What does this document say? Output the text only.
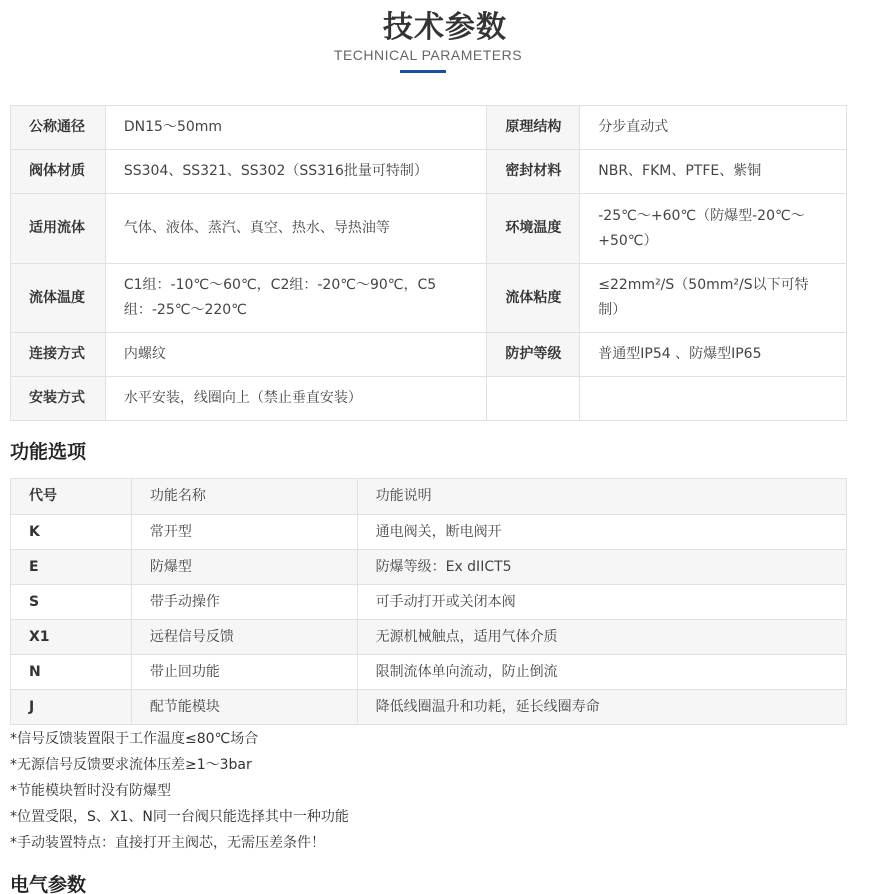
技术参数
TECHNICAL PARAMETERS
公称通径	DN15～50mm	原理结构	分步直动式
阀体材质	SS304、SS321、SS302（SS316批量可特制）	密封材料	NBR、FKM、PTFE、紫铜
适用流体	气体、液体、蒸汽、真空、热水、导热油等	环境温度	-25℃～+60℃（防爆型-20℃～+50℃）
流体温度	C1组：-10℃～60℃，C2组：-20℃～90℃，C5组：-25℃～220℃	流体粘度	≤22mm²/S（50mm²/S以下可特制）
连接方式	内螺纹	防护等级	普通型IP54 、防爆型IP65
安装方式	水平安装，线圈向上（禁止垂直安装）		
功能选项
代号	功能名称	功能说明
K	常开型	通电阀关，断电阀开
E	防爆型	防爆等级：Ex dIICT5
S	带手动操作	可手动打开或关闭本阀
X1	远程信号反馈	无源机械触点，适用气体介质
N	带止回功能	限制流体单向流动，防止倒流
J	配节能模块	降低线圈温升和功耗，延长线圈寿命
*信号反馈装置限于工作温度≤80℃场合
*无源信号反馈要求流体压差≥1～3bar
*节能模块暂时没有防爆型
*位置受限，S、X1、N同一台阀只能选择其中一种功能
*手动装置特点：直接打开主阀芯，无需压差条件！
电气参数
